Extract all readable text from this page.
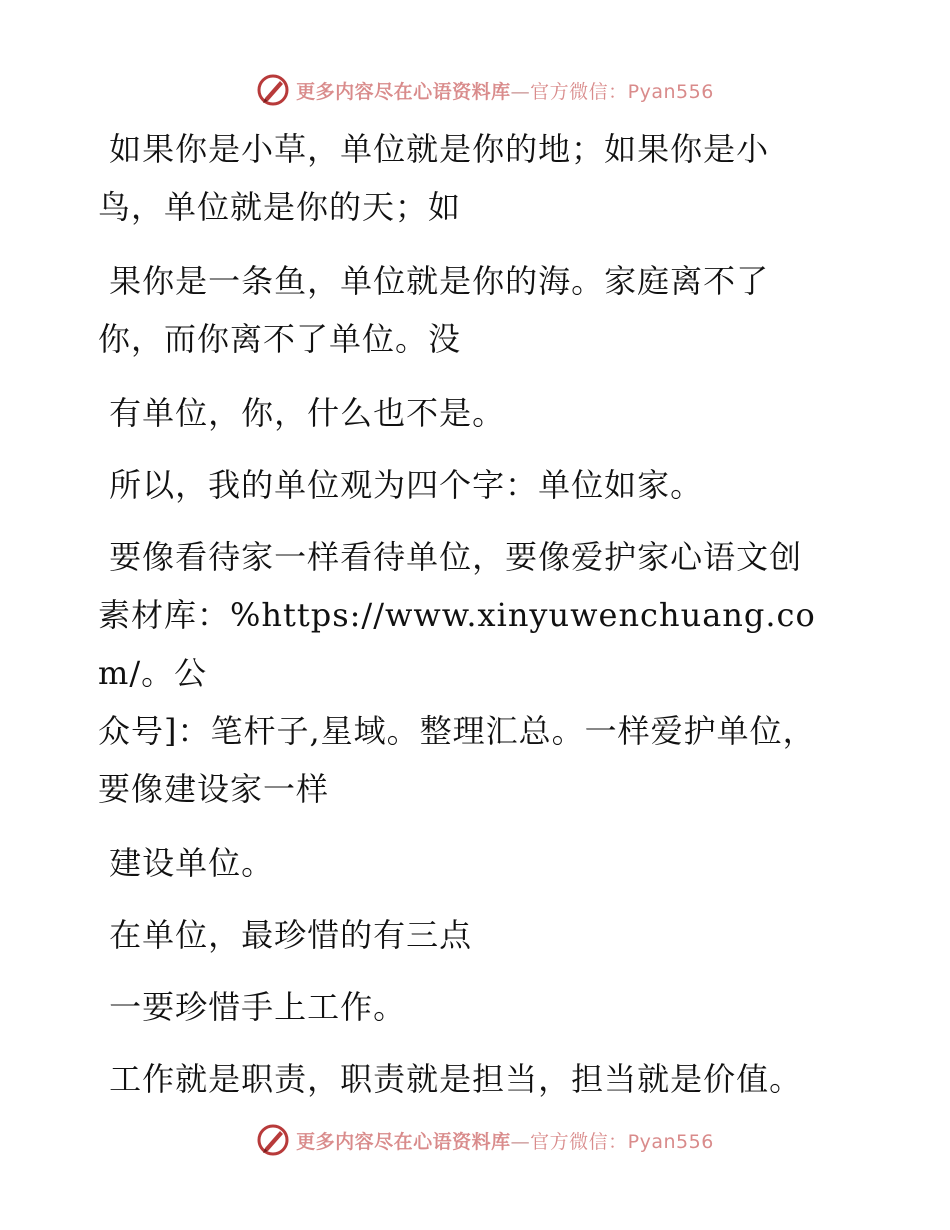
更多内容尽在心语资料库—官方微信：Pyan556

如果你是小草，单位就是你的地；如果你是小
鸟，单位就是你的天；如

果你是一条鱼，单位就是你的海。家庭离不了
你，而你离不了单位。没

有单位，你，什么也不是。

所以，我的单位观为四个字：单位如家。

要像看待家一样看待单位，要像爱护家心语文创
素材库：%https://www.xinyuwenchuang.com/。公
众号]：笔杆子,星域。整理汇总。一样爱护单位，
要像建设家一样

建设单位。

在单位，最珍惜的有三点

一要珍惜手上工作。

工作就是职责，职责就是担当，担当就是价值。

更多内容尽在心语资料库—官方微信：Pyan556
